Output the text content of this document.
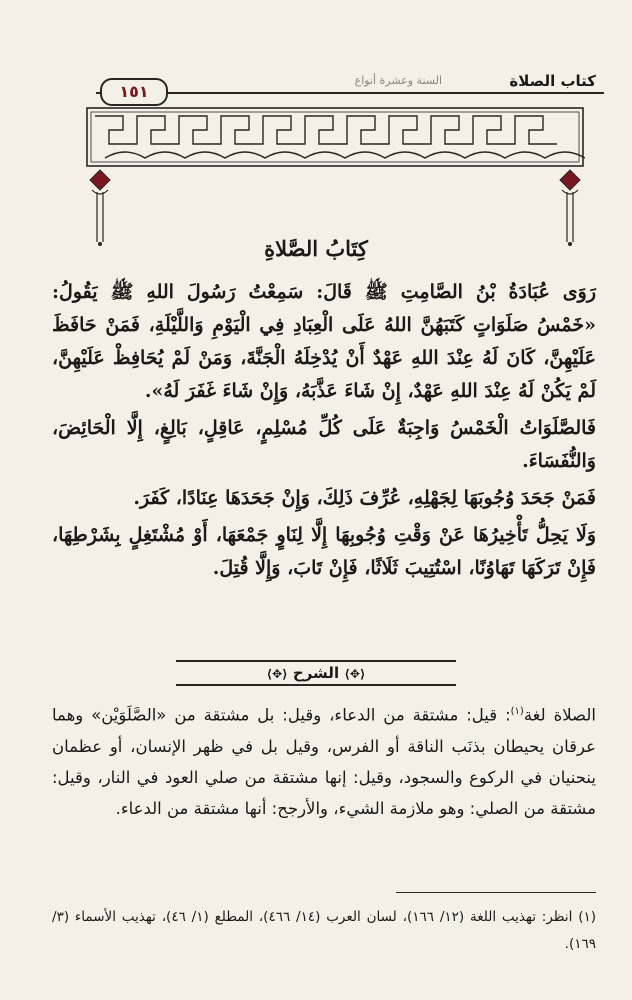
السنة وعشرة أنواع	كتاب الصلاة
١٥١
كِتَابُ الصَّلاةِ

رَوَى عُبَادَةُ بْنُ الصَّامِتِ ﷺ قَالَ: سَمِعْتُ رَسُولَ اللهِ ﷺ يَقُولُ: «خَمْسُ صَلَوَاتٍ كَتَبَهُنَّ اللهُ عَلَى الْعِبَادِ فِي الْيَوْمِ وَاللَّيْلَةِ، فَمَنْ حَافَظَ عَلَيْهِنَّ، كَانَ لَهُ عِنْدَ اللهِ عَهْدٌ أَنْ يُدْخِلَهُ الْجَنَّةَ، وَمَنْ لَمْ يُحَافِظْ عَلَيْهِنَّ، لَمْ يَكُنْ لَهُ عِنْدَ اللهِ عَهْدٌ، إِنْ شَاءَ عَذَّبَهُ، وَإِنْ شَاءَ غَفَرَ لَهُ».

فَالصَّلَوَاتُ الْخَمْسُ وَاجِبَةٌ عَلَى كُلِّ مُسْلِمٍ، عَاقِلٍ، بَالِغٍ، إِلَّا الْحَائِضَ، وَالنُّفَسَاءَ.

فَمَنْ جَحَدَ وُجُوبَهَا لِجَهْلِهِ، عُرِّفَ ذَلِكَ، وَإِنْ جَحَدَهَا عِنَادًا، كَفَرَ.

وَلَا يَحِلُّ تَأْخِيرُهَا عَنْ وَقْتِ وُجُوبِهَا إِلَّا لِنَاوٍ جَمْعَهَا، أَوْ مُشْتَغِلٍ بِشَرْطِهَا، فَإِنْ تَرَكَهَا تَهَاوُنًا، اسْتُتِيبَ ثَلَاثًا، فَإِنْ تَابَ، وَإِلَّا قُتِلَ.

⟨✥⟩ الشرح ⟨✥⟩

الصلاة لغة$^{(١)}$: قيل: مشتقة من الدعاء، وقيل: بل مشتقة من «الصَّلَوَيْن» وهما عرقان يحيطان بذنَب الناقة أو الفرس، وقيل بل في ظهر الإنسان، أو عظمان ينحنيان في الركوع والسجود، وقيل: إنها مشتقة من صلي العود في النار، وقيل: مشتقة من الصلي: وهو ملازمة الشيء، والأرجح: أنها مشتقة من الدعاء.

(١) انظر: تهذيب اللغة (١٢/ ١٦٦)، لسان العرب (١٤/ ٤٦٦)، المطلع (١/ ٤٦)، تهذيب الأسماء (٣/ ١٦٩).
